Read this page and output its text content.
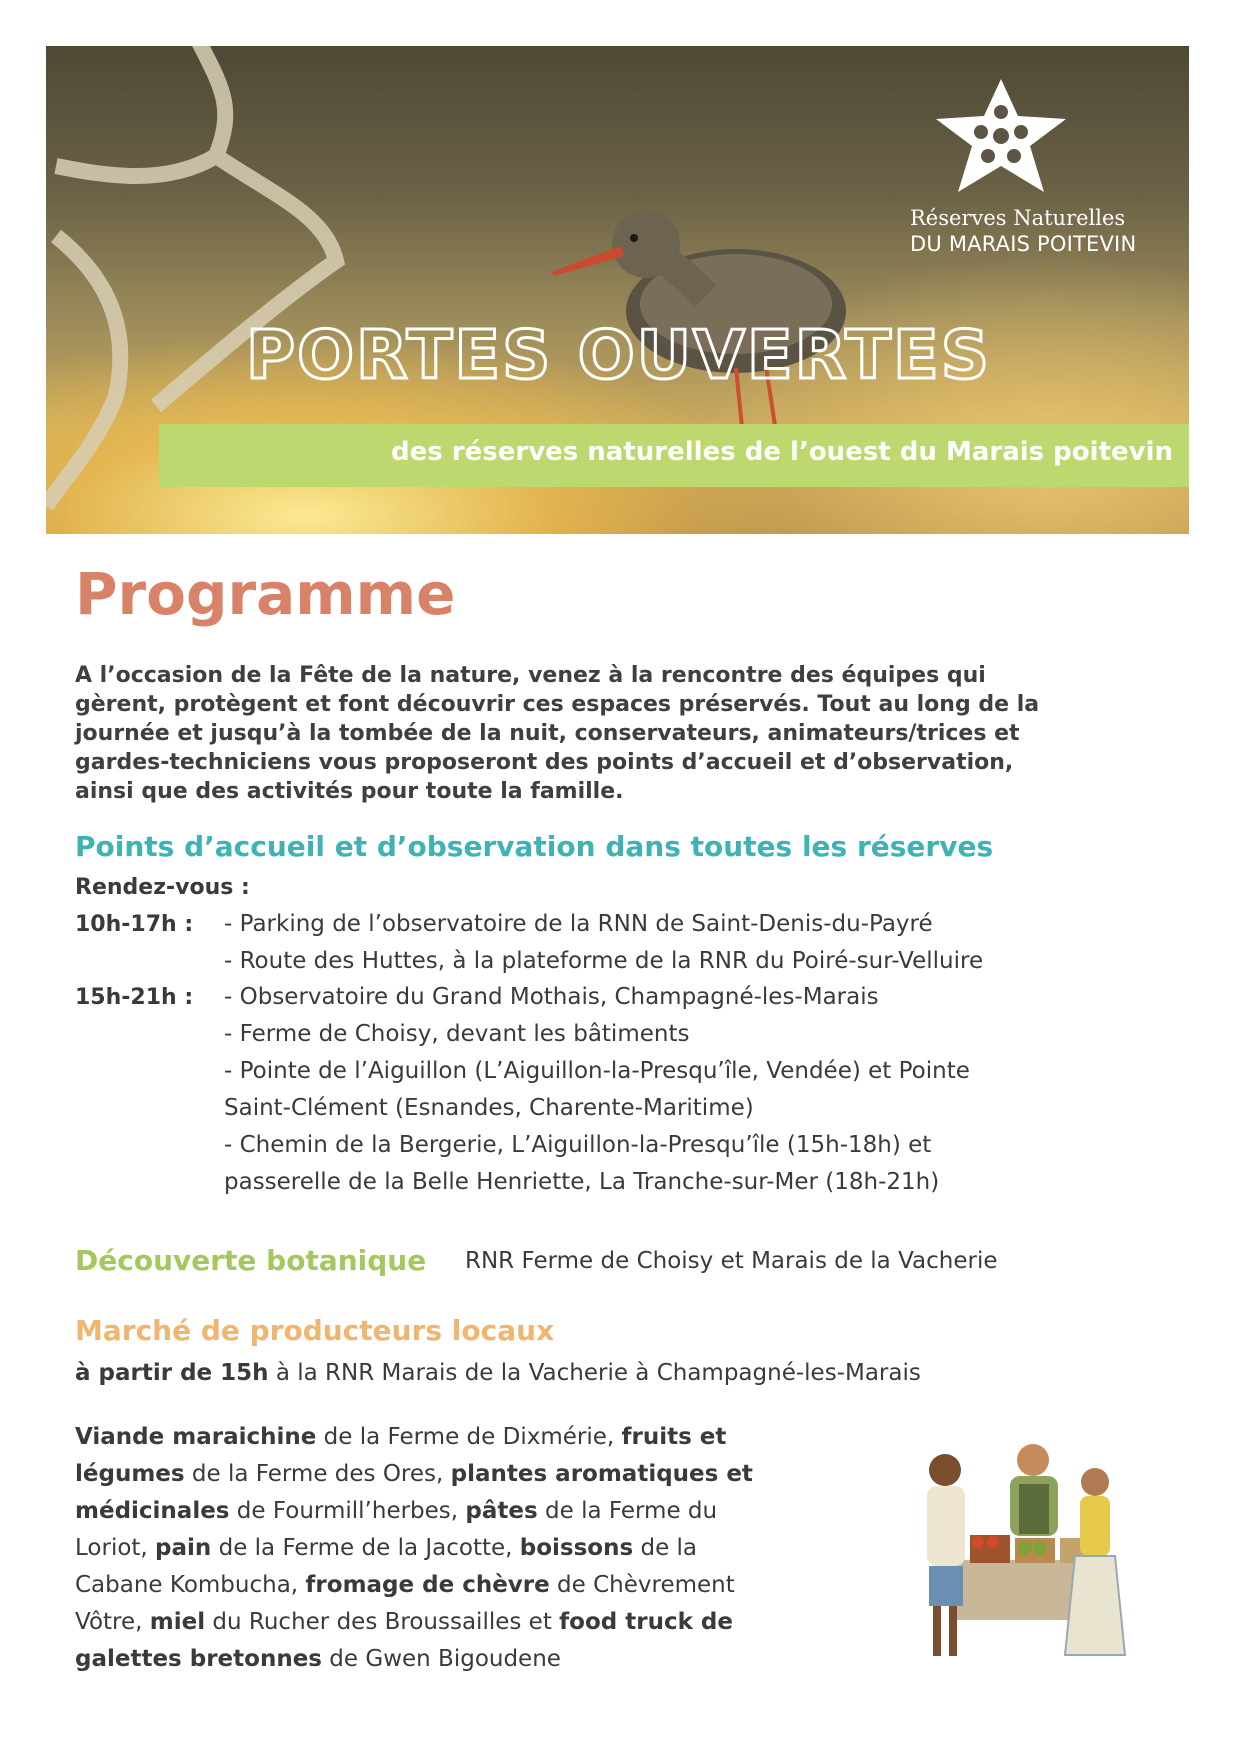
Réserves Naturelles
DU MARAIS POITEVIN
PORTES OUVERTES
des réserves naturelles de l’ouest du Marais poitevin
Programme
A l’occasion de la Fête de la nature, venez à la rencontre des équipes qui
gèrent, protègent et font découvrir ces espaces préservés. Tout au long de la
journée et jusqu’à la tombée de la nuit, conservateurs, animateurs/trices et
gardes-techniciens vous proposeront des points d’accueil et d’observation,
ainsi que des activités pour toute la famille.
Points d’accueil et d’observation dans toutes les réserves
Rendez-vous :
10h-17h : - Parking de l’observatoire de la RNN de Saint-Denis-du-Payré
- Route des Huttes, à la plateforme de la RNR du Poiré-sur-Velluire
15h-21h : - Observatoire du Grand Mothais, Champagné-les-Marais
- Ferme de Choisy, devant les bâtiments
- Pointe de l’Aiguillon (L’Aiguillon-la-Presqu’île, Vendée) et Pointe
Saint-Clément (Esnandes, Charente-Maritime)
- Chemin de la Bergerie, L’Aiguillon-la-Presqu’île (15h-18h) et
passerelle de la Belle Henriette, La Tranche-sur-Mer (18h-21h)
Découverte botanique RNR Ferme de Choisy et Marais de la Vacherie
Marché de producteurs locaux
à partir de 15h à la RNR Marais de la Vacherie à Champagné-les-Marais
Viande maraichine de la Ferme de Dixmérie, fruits et
légumes de la Ferme des Ores, plantes aromatiques et
médicinales de Fourmill’herbes, pâtes de la Ferme du
Loriot, pain de la Ferme de la Jacotte, boissons de la
Cabane Kombucha, fromage de chèvre de Chèvrement
Vôtre, miel du Rucher des Broussailles et food truck de
galettes bretonnes de Gwen Bigoudene
